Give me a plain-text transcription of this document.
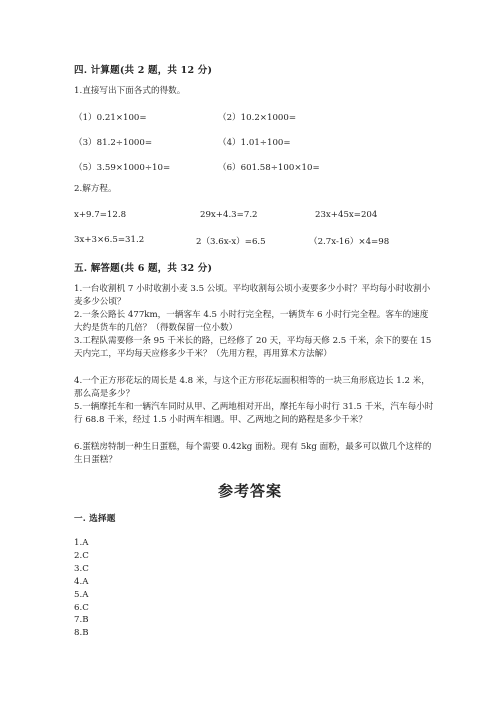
四. 计算题(共 2 题，共 12 分)
1.直接写出下面各式的得数。
（1）0.21×100=	（2）10.2×1000=
（3）81.2÷1000=	（4）1.01÷100=
（5）3.59×1000÷10=	（6）601.58÷100×10=
2.解方程。
x+9.7=12.8	29x+4.3=7.2	23x+45x=204
3x+3×6.5=31.2	2（3.6x-x）=6.5	（2.7x-16）×4=98
五. 解答题(共 6 题，共 32 分)
1.一台收割机 7 小时收割小麦 3.5 公顷。平均收割每公顷小麦要多少小时？平均每小时收割小麦多少公顷？
2.一条公路长 477km，一辆客车 4.5 小时行完全程，一辆货车 6 小时行完全程。客车的速度大约是货车的几倍？（得数保留一位小数）
3.工程队需要修一条 95 千米长的路，已经修了 20 天，平均每天修 2.5 千米，余下的要在 15 天内完工，平均每天应修多少千米？（先用方程，再用算术方法解）
4.一个正方形花坛的周长是 4.8 米，与这个正方形花坛面积相等的一块三角形底边长 1.2 米，那么高是多少？
5.一辆摩托车和一辆汽车同时从甲、乙两地相对开出，摩托车每小时行 31.5 千米，汽车每小时行 68.8 千米，经过 1.5 小时两车相遇。甲、乙两地之间的路程是多少千米？
6.蛋糕房特制一种生日蛋糕，每个需要 0.42kg 面粉。现有 5kg 面粉，最多可以做几个这样的生日蛋糕？
参考答案
一. 选择题
1.A
2.C
3.C
4.A
5.A
6.C
7.B
8.B
